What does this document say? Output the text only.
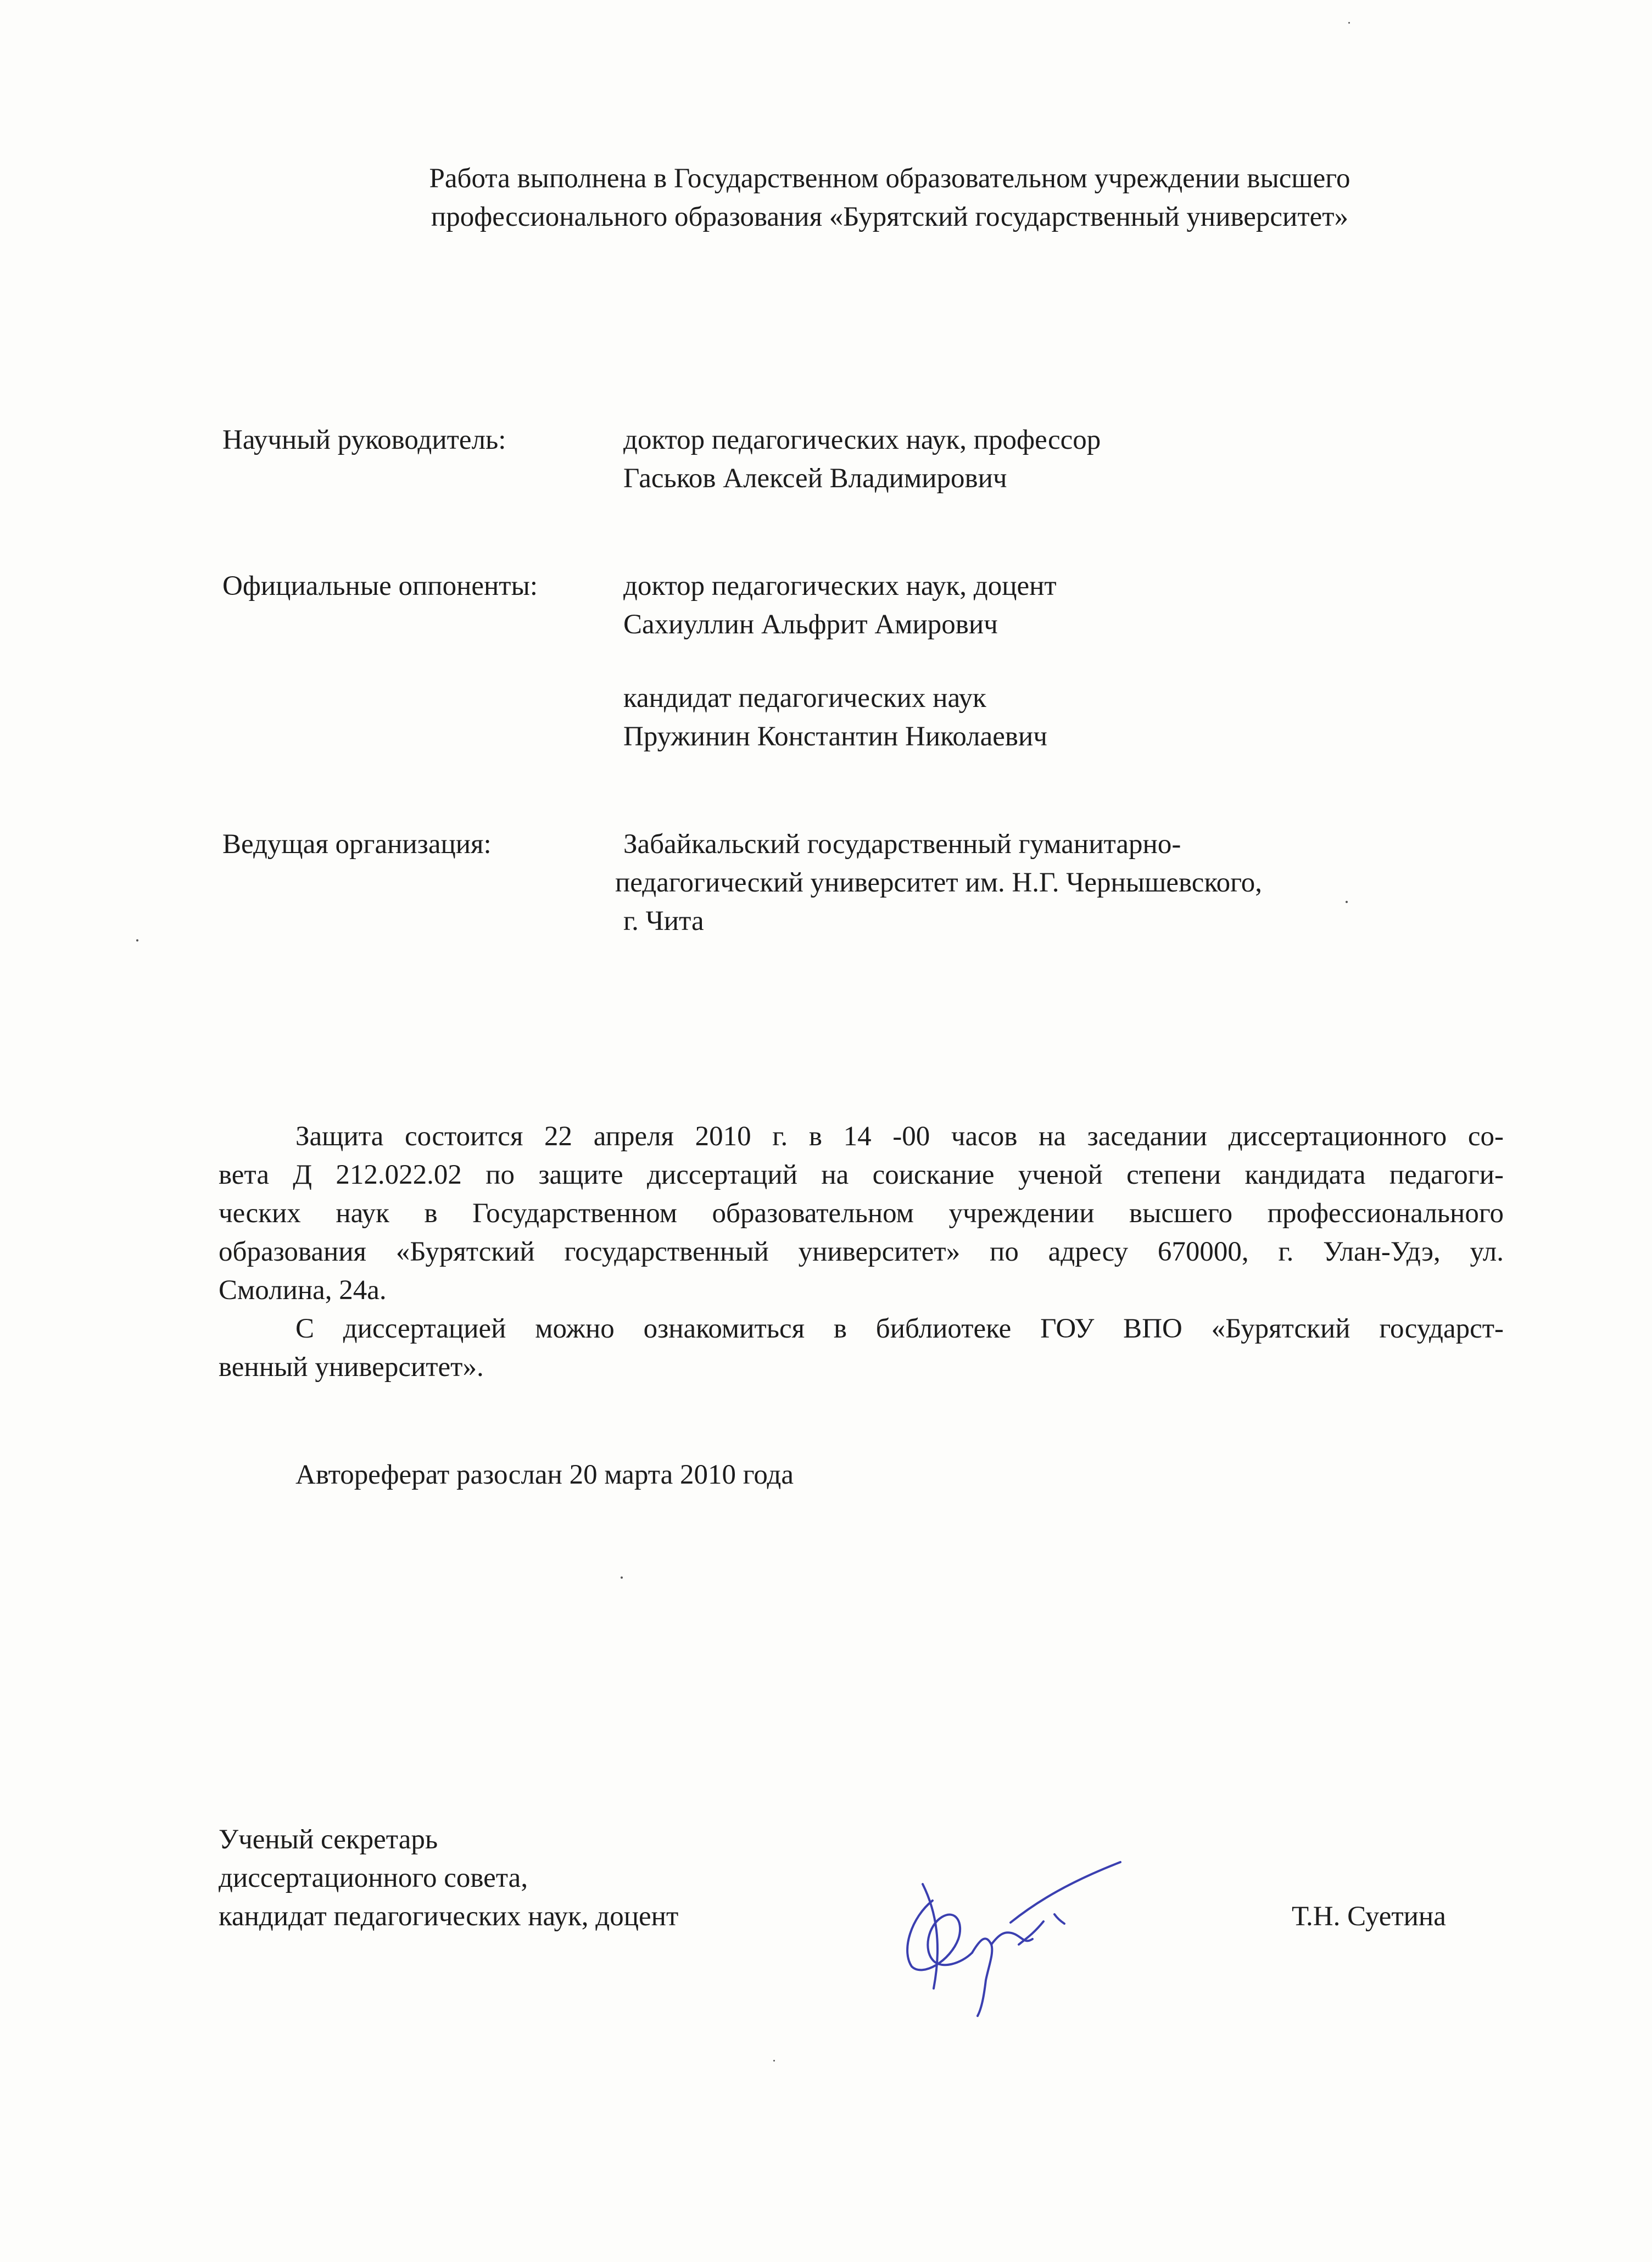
Работа выполнена в Государственном образовательном учреждении высшего
профессионального образования «Бурятский государственный университет»
Научный руководитель:	доктор педагогических наук, профессор
Гаськов Алексей Владимирович
Официальные оппоненты:	доктор педагогических наук, доцент
Сахиуллин Альфрит Амирович
кандидат педагогических наук
Пружинин Константин Николаевич
Ведущая организация:	Забайкальский государственный гуманитарно-
педагогический университет им. Н.Г. Чернышевского,
г. Чита
Защита состоится 22 апреля 2010 г. в 14 -00 часов на заседании диссертационного со-
вета Д 212.022.02 по защите диссертаций на соискание ученой степени кандидата педагоги-
ческих наук в Государственном образовательном учреждении высшего профессионального
образования «Бурятский государственный университет» по адресу 670000, г. Улан-Удэ, ул.
Смолина, 24а.
С диссертацией можно ознакомиться в библиотеке ГОУ ВПО «Бурятский государст-
венный университет».
Автореферат разослан 20 марта 2010 года
Ученый секретарь
диссертационного совета,
кандидат педагогических наук, доцент	Т.Н. Суетина
